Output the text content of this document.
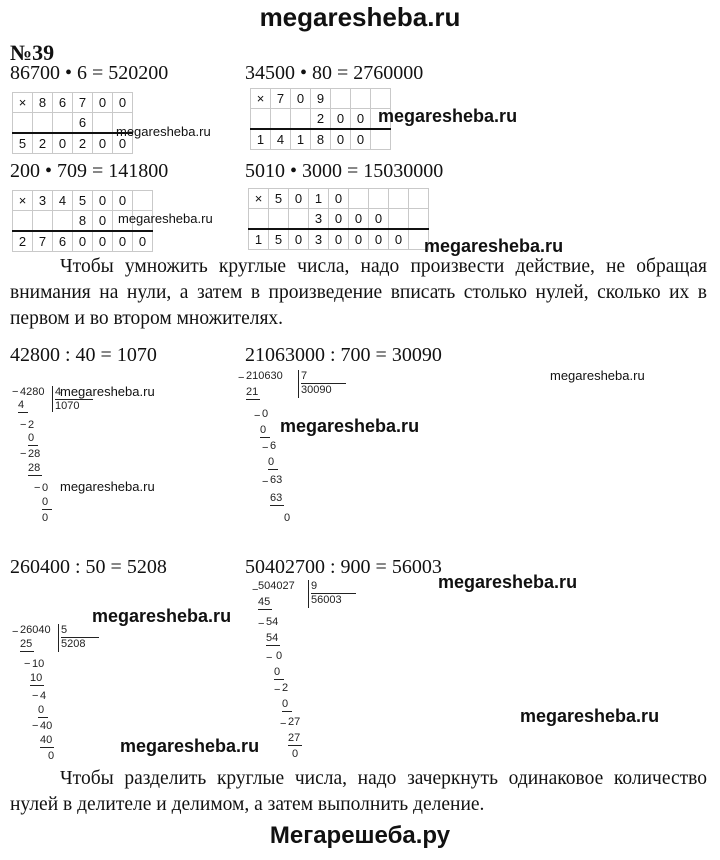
megaresheba.ru
№39
86700 • 6 = 520200	34500 • 80 = 2760000
×	8	6	7	0	0
			6		
5	2	0	2	0	0
×	7	0	9			
			2	0	0	
1	4	1	8	0	0	
200 • 709 = 141800	5010 • 3000 = 15030000
×	3	4	5	0	0	
			8	0		
2	7	6	0	0	0	0
×	5	0	1	0				
			3	0	0	0		
1	5	0	3	0	0	0	0	
megaresheba.ru
megaresheba.ru
megaresheba.ru
megaresheba.ru
Чтобы умножить круглые числа, надо произвести действие, не обращая внимания на нули, а затем в произведение вписать столько нулей, сколько их в первом и во втором множителях.
42800 : 40 = 1070	21063000 : 700 = 30090
megaresheba.ru
− 4280 4
1070
4
− 2
0
− 28
28
− 0
0
0
megaresheba.ru
megaresheba.ru
− 210630 7
30090
21
− 0
0
− 6
0
− 63
63
0
megaresheba.ru
260400 : 50 = 5208	50402700 : 900 = 56003
− 26040 5
5208
25
− 10
10
− 4
0
− 40
40
0
megaresheba.ru
− 504027 9
56003
45
− 54
54
− 0
0
− 2
0
− 27
27
0
megaresheba.ru
megaresheba.ru
megaresheba.ru
Чтобы разделить круглые числа, надо зачеркнуть одинаковое количество нулей в делителе и делимом, а затем выполнить деление.
Мегарешеба.ру
